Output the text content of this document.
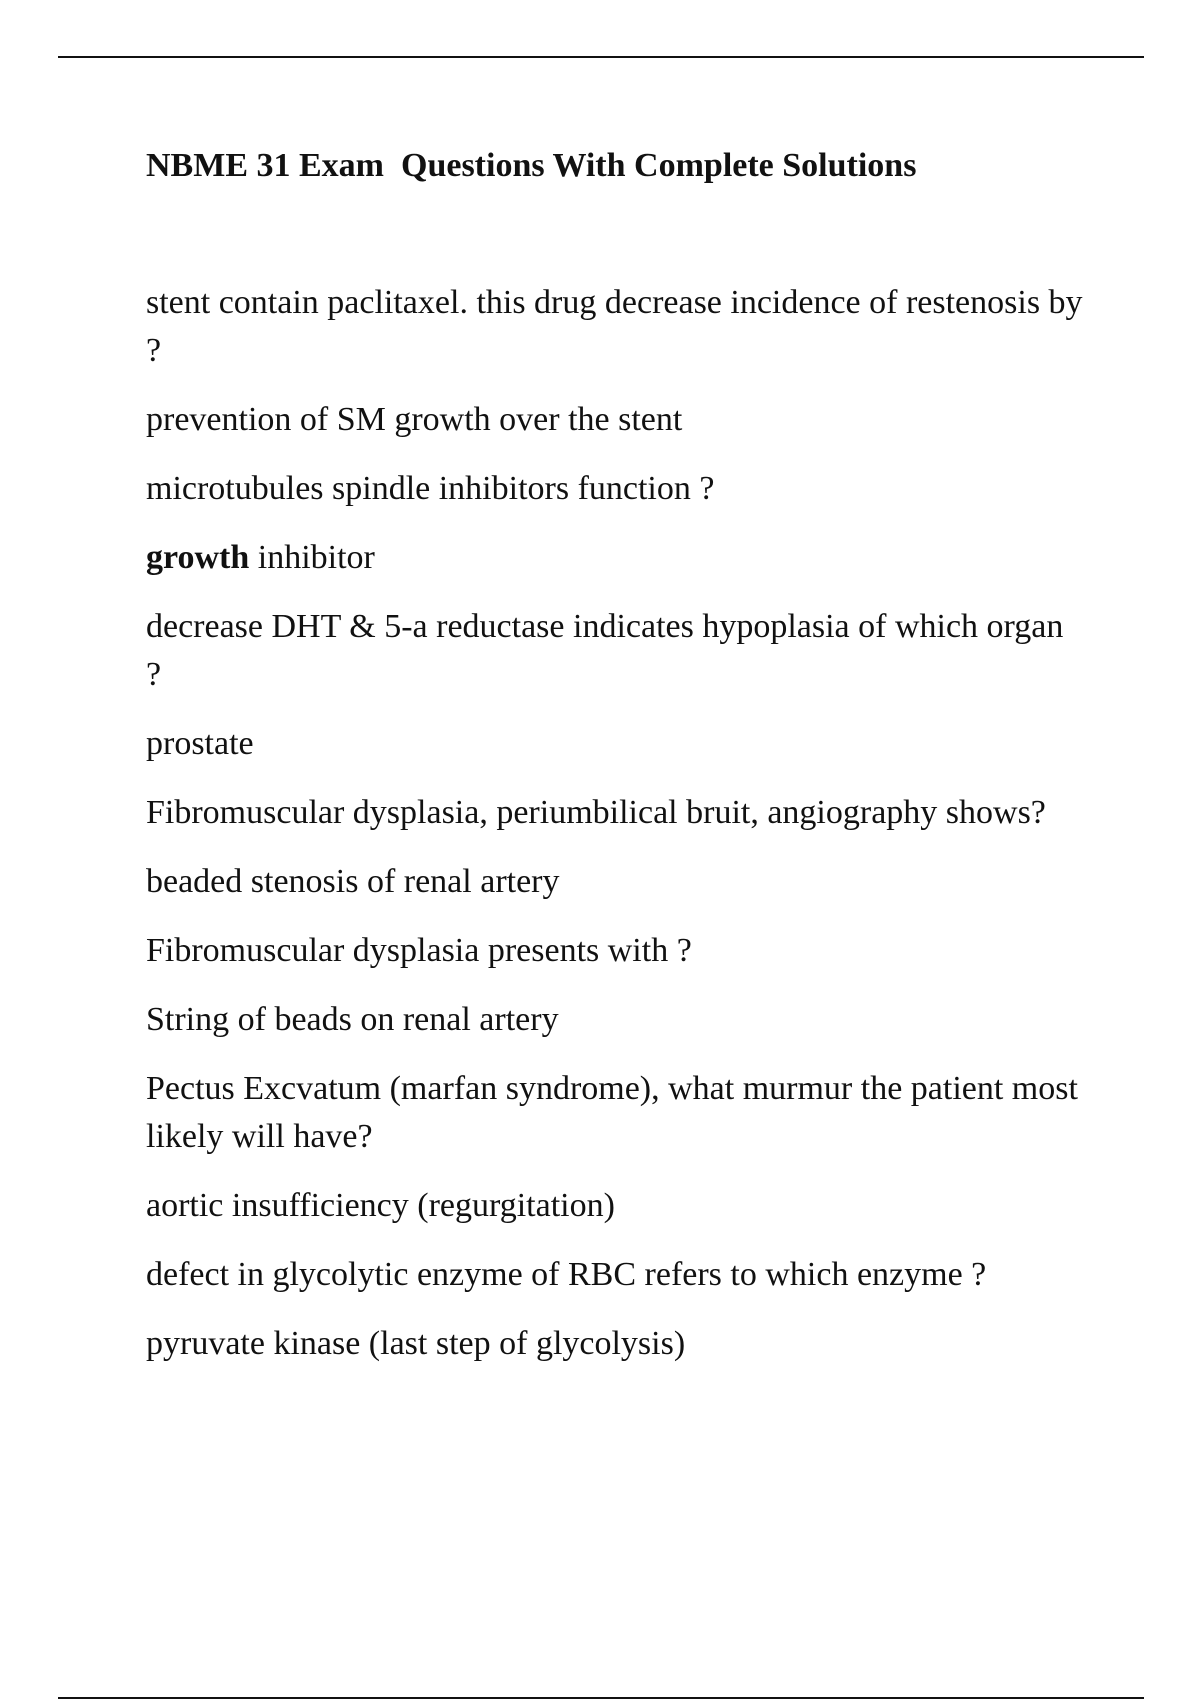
NBME 31 Exam  Questions With Complete Solutions

stent contain paclitaxel. this drug decrease incidence of restenosis by ?

prevention of SM growth over the stent

microtubules spindle inhibitors function ?

growth inhibitor

decrease DHT & 5-a reductase indicates hypoplasia of which organ ?

prostate

Fibromuscular dysplasia, periumbilical bruit, angiography shows?

beaded stenosis of renal artery

Fibromuscular dysplasia presents with ?

String of beads on renal artery

Pectus Excvatum (marfan syndrome), what murmur the patient most likely will have?

aortic insufficiency (regurgitation)

defect in glycolytic enzyme of RBC refers to which enzyme ?

pyruvate kinase (last step of glycolysis)
